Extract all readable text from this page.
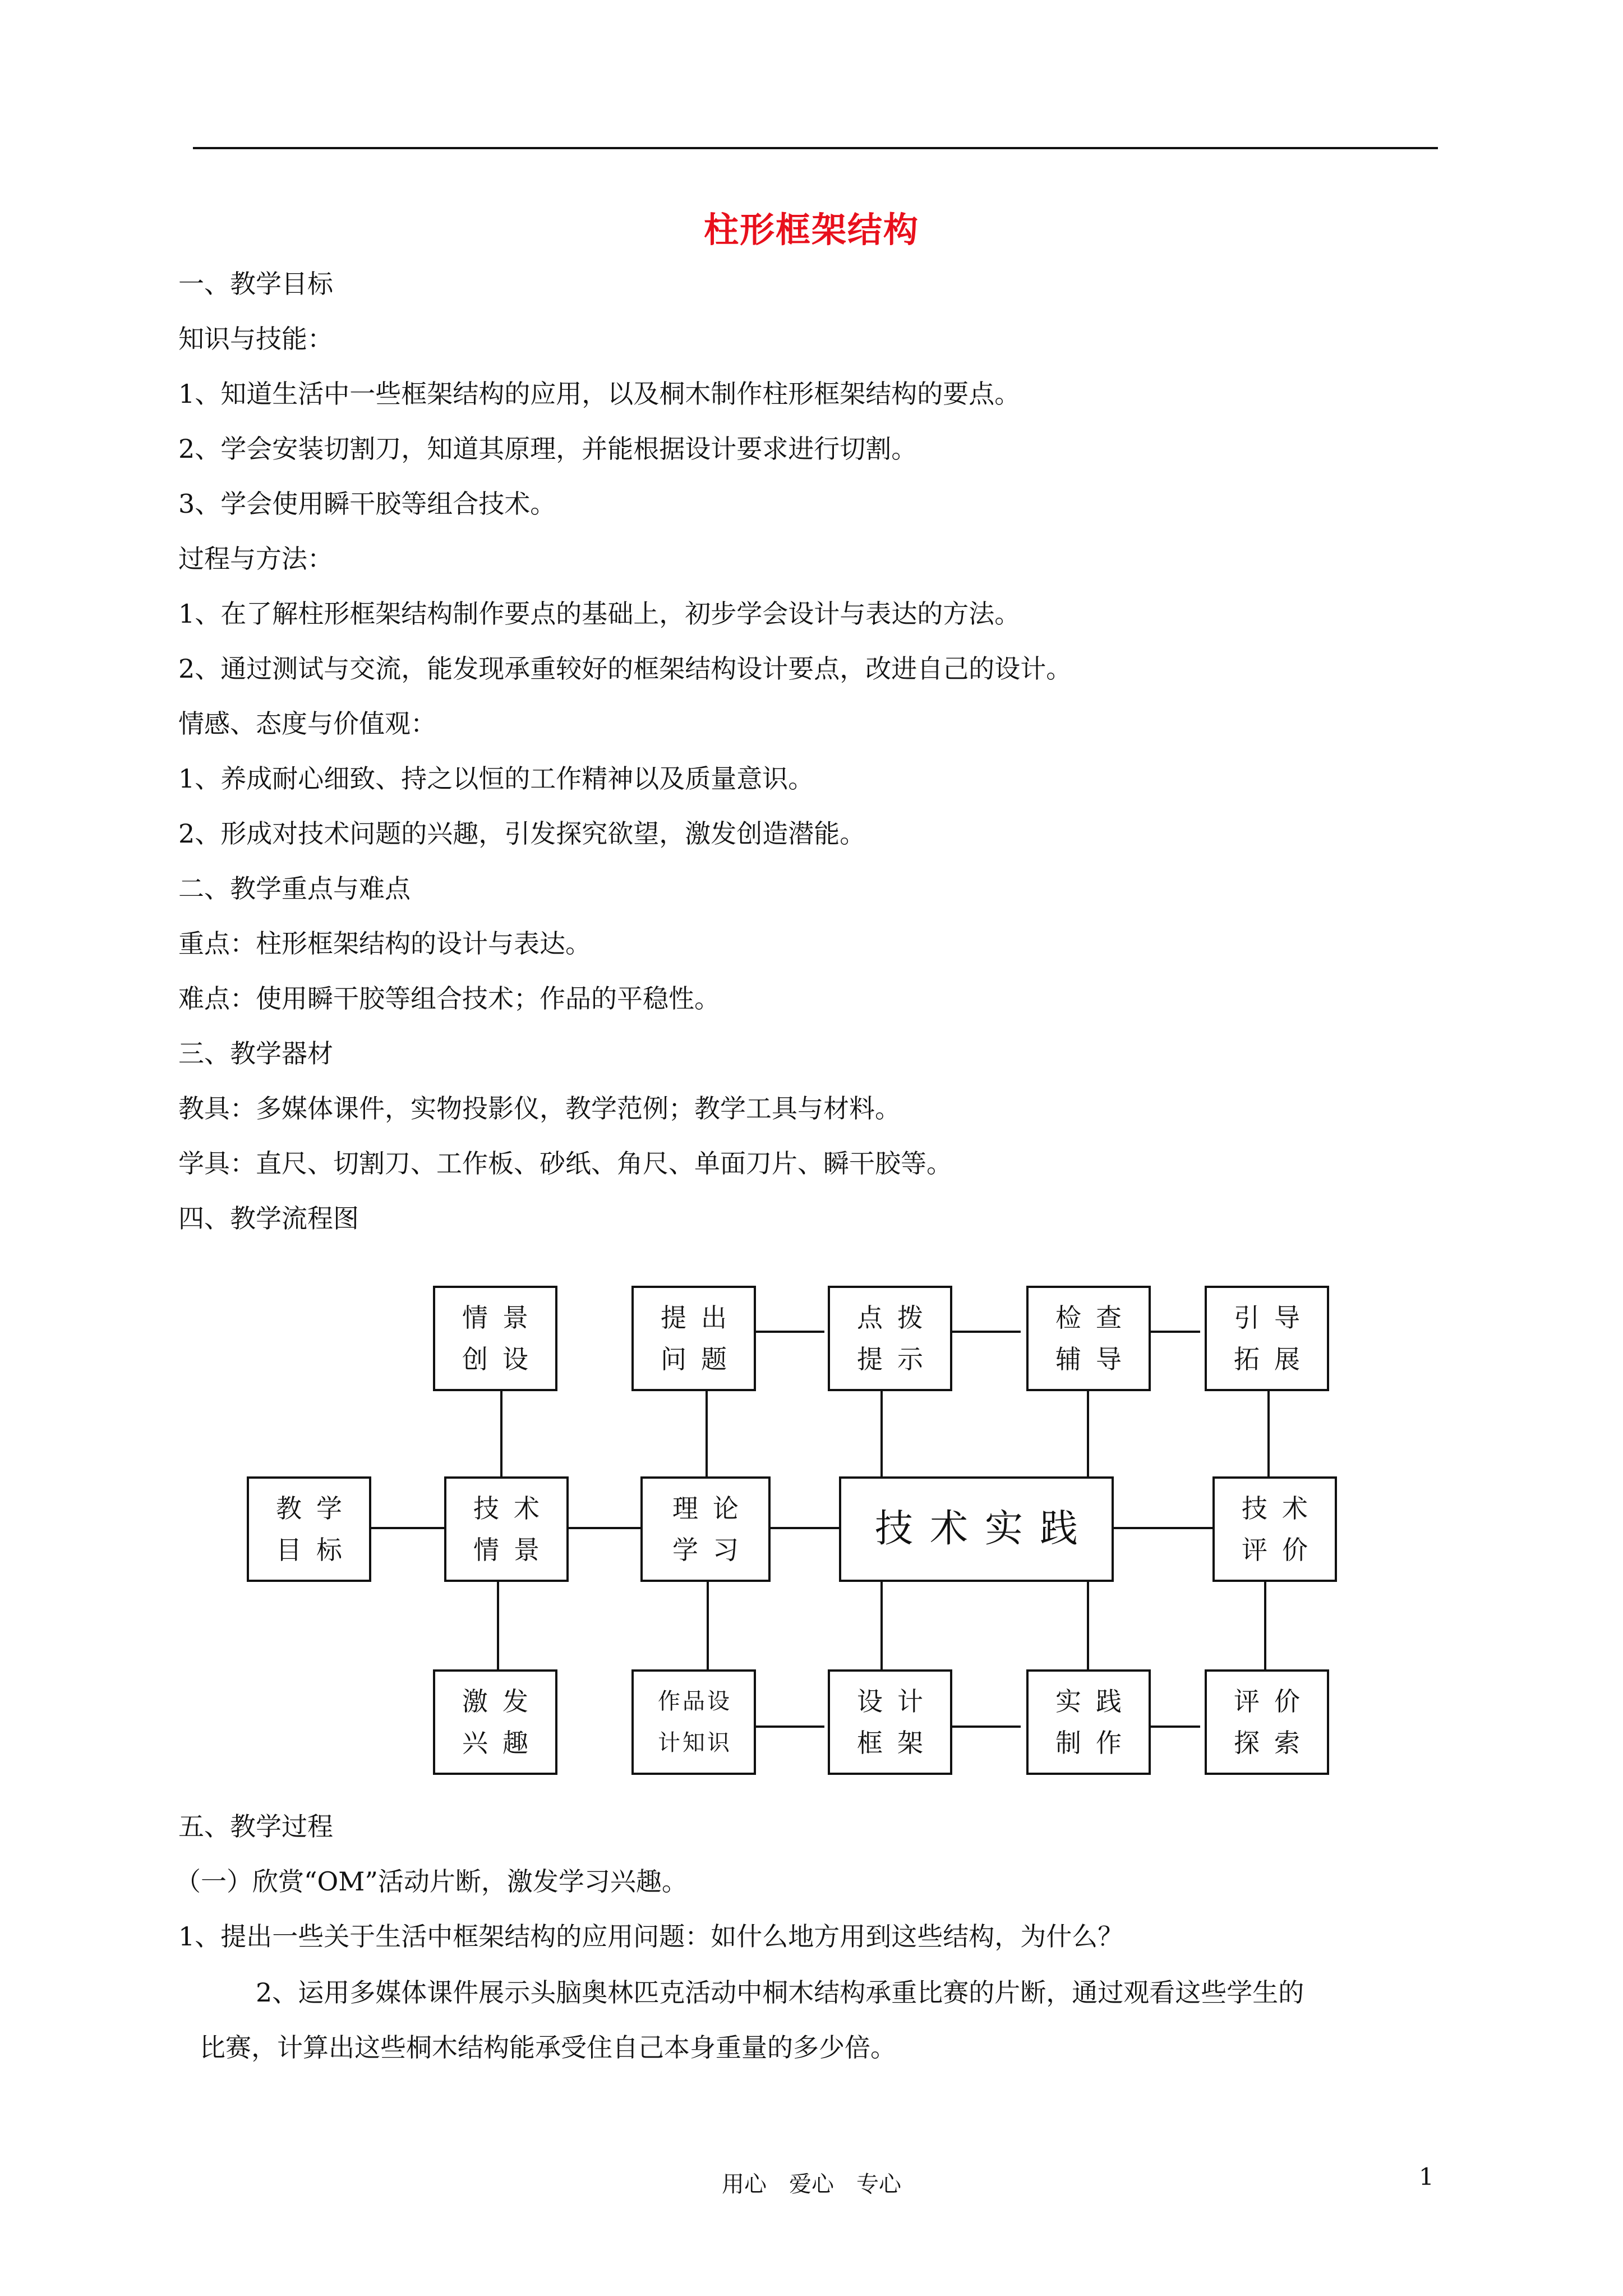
柱形框架结构
一、教学目标
知识与技能：
1、知道生活中一些框架结构的应用，以及桐木制作柱形框架结构的要点。
2、学会安装切割刀，知道其原理，并能根据设计要求进行切割。
3、学会使用瞬干胶等组合技术。
过程与方法：
1、在了解柱形框架结构制作要点的基础上，初步学会设计与表达的方法。
2、通过测试与交流，能发现承重较好的框架结构设计要点，改进自己的设计。
情感、态度与价值观：
1、养成耐心细致、持之以恒的工作精神以及质量意识。
2、形成对技术问题的兴趣，引发探究欲望，激发创造潜能。
二、教学重点与难点
重点：柱形框架结构的设计与表达。
难点：使用瞬干胶等组合技术；作品的平稳性。
三、教学器材
教具：多媒体课件，实物投影仪，教学范例；教学工具与材料。
学具：直尺、切割刀、工作板、砂纸、角尺、单面刀片、瞬干胶等。
四、教学流程图
情景
创设
提出
问题
点拨
提示
检查
辅导
引导
拓展
教学
目标
技术
情景
理论
学习	技术实践	技术
评价
激发
兴趣
作品设
计知识
设计
框架
实践
制作
评价
探索
五、教学过程
（一）欣赏“OM”活动片断，激发学习兴趣。
1、提出一些关于生活中框架结构的应用问题：如什么地方用到这些结构，为什么？
2、运用多媒体课件展示头脑奥林匹克活动中桐木结构承重比赛的片断，通过观看这些学生的
比赛，计算出这些桐木结构能承受住自己本身重量的多少倍。
用心　爱心　专心	1
